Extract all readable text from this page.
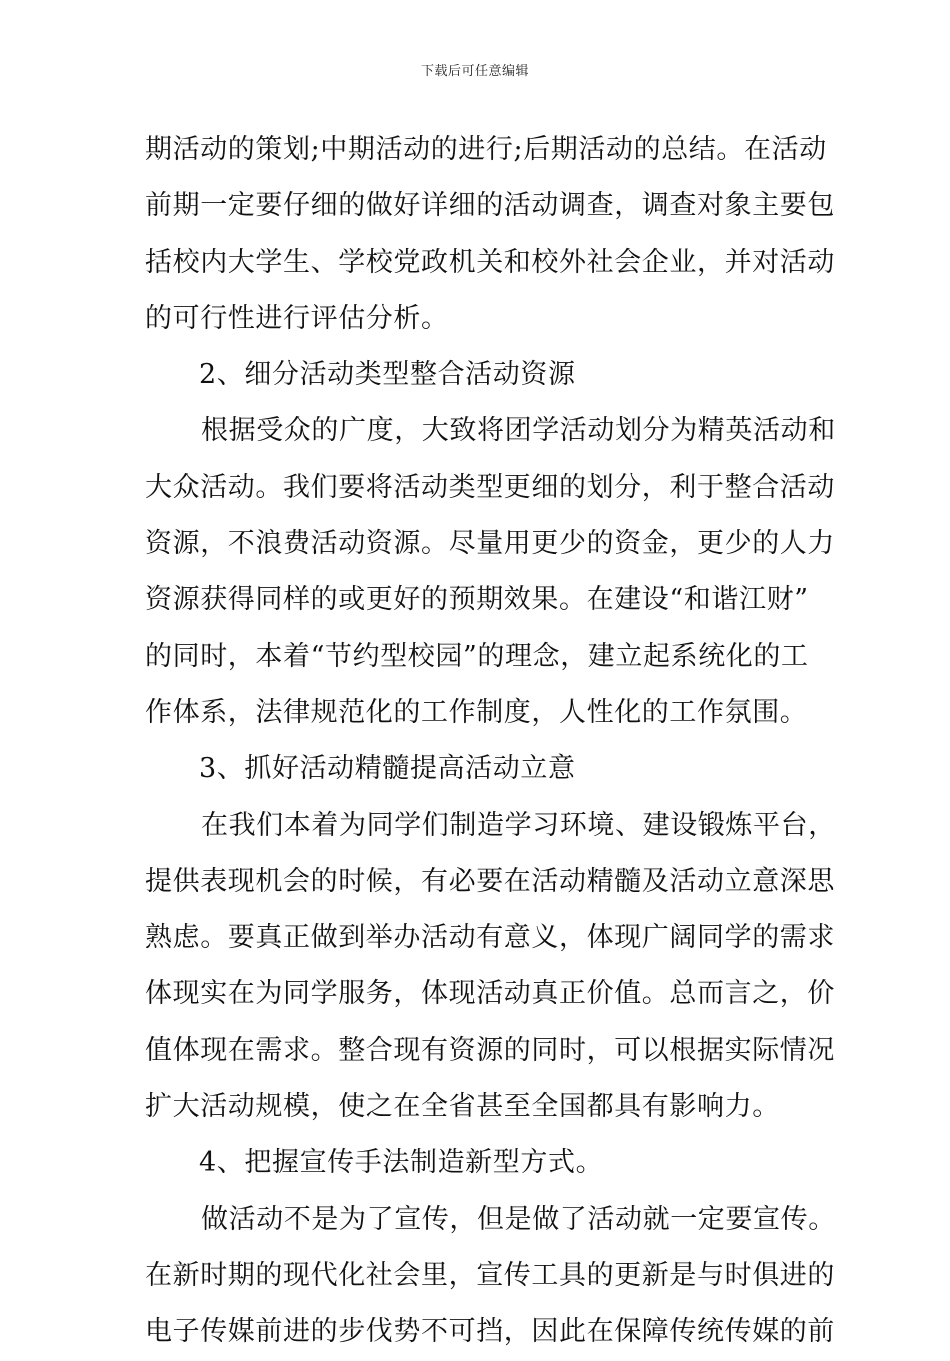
下载后可任意编辑
期活动的策划;中期活动的进行;后期活动的总结。在活动
前期一定要仔细的做好详细的活动调查，调查对象主要包
括校内大学生、学校党政机关和校外社会企业，并对活动
的可行性进行评估分析。
2、细分活动类型整合活动资源
根据受众的广度，大致将团学活动划分为精英活动和
大众活动。我们要将活动类型更细的划分，利于整合活动
资源，不浪费活动资源。尽量用更少的资金，更少的人力
资源获得同样的或更好的预期效果。在建设“和谐江财”
的同时，本着“节约型校园”的理念，建立起系统化的工
作体系，法律规范化的工作制度，人性化的工作氛围。
3、抓好活动精髓提高活动立意
在我们本着为同学们制造学习环境、建设锻炼平台，
提供表现机会的时候，有必要在活动精髓及活动立意深思
熟虑。要真正做到举办活动有意义，体现广阔同学的需求
体现实在为同学服务，体现活动真正价值。总而言之，价
值体现在需求。整合现有资源的同时，可以根据实际情况
扩大活动规模，使之在全省甚至全国都具有影响力。
4、把握宣传手法制造新型方式。
做活动不是为了宣传，但是做了活动就一定要宣传。
在新时期的现代化社会里，宣传工具的更新是与时俱进的
电子传媒前进的步伐势不可挡，因此在保障传统传媒的前
